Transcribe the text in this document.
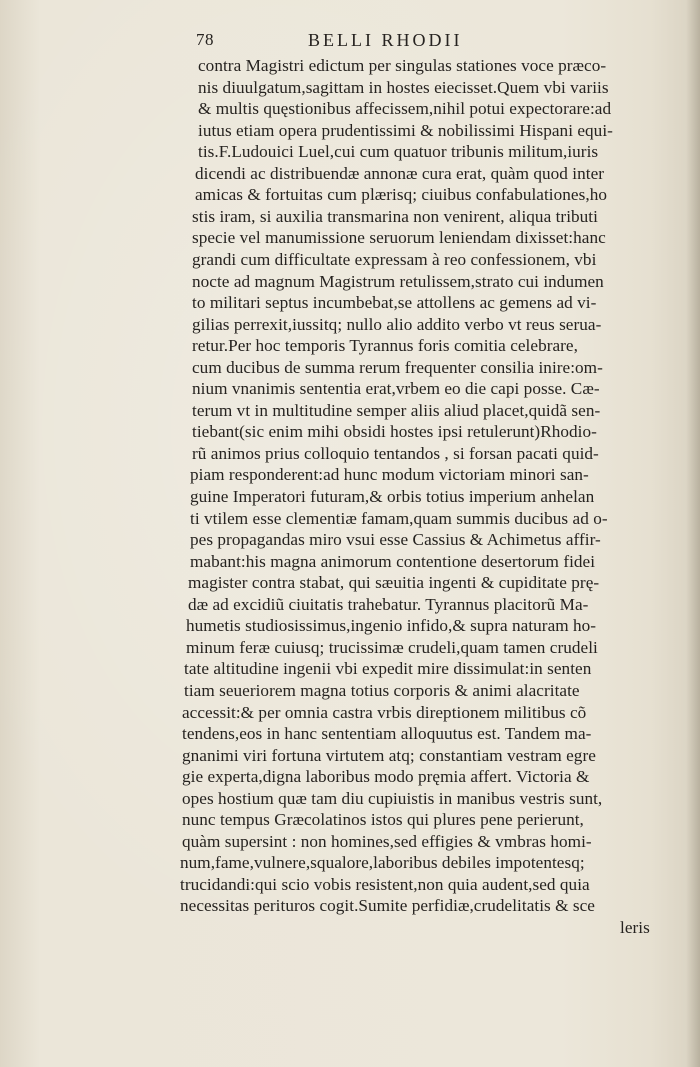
78	BELLI RHODII
contra Magistri edictum per singulas stationes voce præco-
nis diuulgatum,sagittam in hostes eiecisset.Quem vbi variis
& multis quęstionibus affecissem,nihil potui expectorare:ad
iutus etiam opera prudentissimi & nobilissimi Hispani equi-
tis.F.Ludouici Luel,cui cum quatuor tribunis militum,iuris
dicendi ac distribuendæ annonæ cura erat, quàm quod inter
amicas & fortuitas cum plærisq; ciuibus confabulationes,ho
stis iram, si auxilia transmarina non venirent, aliqua tributi
specie vel manumissione seruorum leniendam dixisset:hanc
grandi cum difficultate expressam à reo confessionem, vbi
nocte ad magnum Magistrum retulissem,strato cui indumen
to militari septus incumbebat,se attollens ac gemens ad vi-
gilias perrexit,iussitq; nullo alio addito verbo vt reus serua-
retur.Per hoc temporis Tyrannus foris comitia celebrare,
cum ducibus de summa rerum frequenter consilia inire:om-
nium vnanimis sententia erat,vrbem eo die capi posse. Cæ-
terum vt in multitudine semper aliis aliud placet,quidã sen-
tiebant(sic enim mihi obsidi hostes ipsi retulerunt)Rhodio-
rũ animos prius colloquio tentandos , si forsan pacati quid-
piam responderent:ad hunc modum victoriam minori san-
guine Imperatori futuram,& orbis totius imperium anhelan
ti vtilem esse clementiæ famam,quam summis ducibus ad o-
pes propagandas miro vsui esse Cassius & Achimetus affir-
mabant:his magna animorum contentione desertorum fidei
magister contra stabat, qui sæuitia ingenti & cupiditate prę-
dæ ad excidiũ ciuitatis trahebatur. Tyrannus placitorũ Ma-
humetis studiosissimus,ingenio infido,& supra naturam ho-
minum feræ cuiusq; trucissimæ crudeli,quam tamen crudeli
tate altitudine ingenii vbi expedit mire dissimulat:in senten
tiam seueriorem magna totius corporis & animi alacritate
accessit:& per omnia castra vrbis direptionem militibus cõ
tendens,eos in hanc sententiam alloquutus est. Tandem ma-
gnanimi viri fortuna virtutem atq; constantiam vestram egre
gie experta,digna laboribus modo pręmia affert. Victoria &
opes hostium quæ tam diu cupiuistis in manibus vestris sunt,
nunc tempus Græcolatinos istos qui plures pene perierunt,
quàm supersint : non homines,sed effigies & vmbras homi-
num,fame,vulnere,squalore,laboribus debiles impotentesq;
trucidandi:qui scio vobis resistent,non quia audent,sed quia
necessitas perituros cogit.Sumite perfidiæ,crudelitatis & sce
leris
